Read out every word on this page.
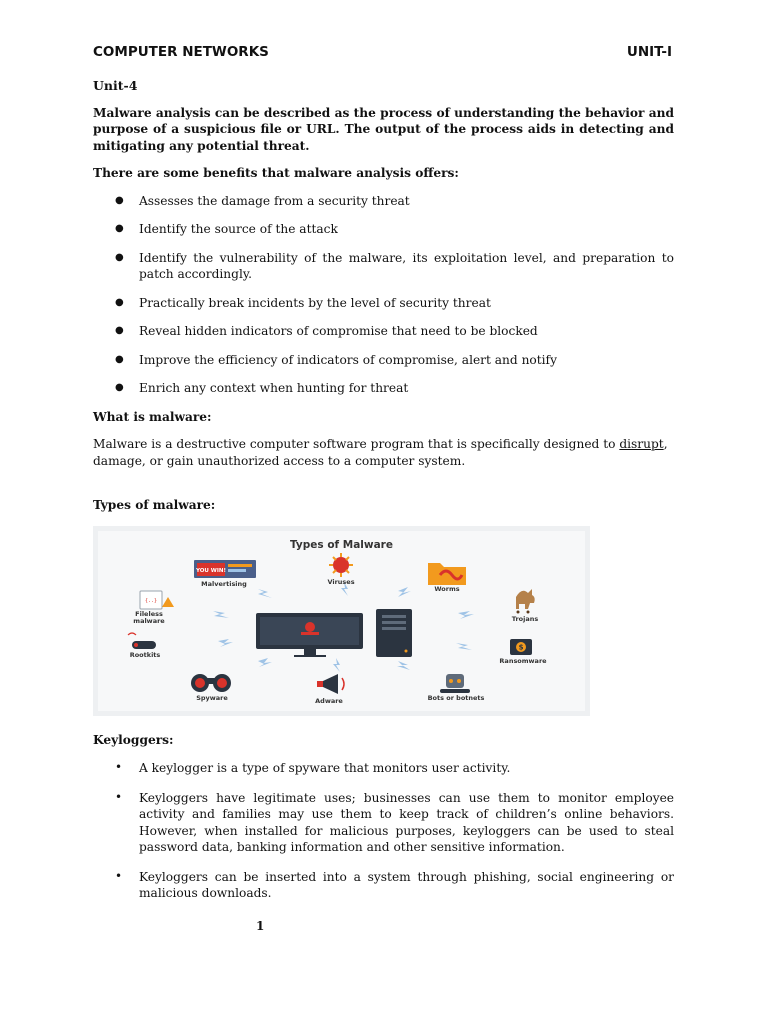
COMPUTER NETWORKS	UNIT-I
Unit-4

Malware analysis can be described as the process of understanding the behavior and purpose of a suspicious file or URL. The output of the process aids in detecting and mitigating any potential threat.

There are some benefits that malware analysis offers:
● Assesses the damage from a security threat
● Identify the source of the attack
● Identify the vulnerability of the malware, its exploitation level, and preparation to patch accordingly.
● Practically break incidents by the level of security threat
● Reveal hidden indicators of compromise that need to be blocked
● Improve the efficiency of indicators of compromise, alert and notify
● Enrich any context when hunting for threat
What is malware:

Malware is a destructive computer software program that is specifically designed to disrupt, damage, or gain unauthorized access to a computer system.

Types of malware:
Types of Malware
YOU WIN!
{..}
$
Malvertising	Viruses
Worms
Fileless malware	Trojans
Rootkits
Ransomware
Spyware	Adware	Bots or botnets
Keyloggers:
• A keylogger is a type of spyware that monitors user activity.
• Keyloggers have legitimate uses; businesses can use them to monitor employee activity and families may use them to keep track of children’s online behaviors. However, when installed for malicious purposes, keyloggers can be used to steal password data, banking information and other sensitive information.
• Keyloggers can be inserted into a system through phishing, social engineering or malicious downloads.
1
